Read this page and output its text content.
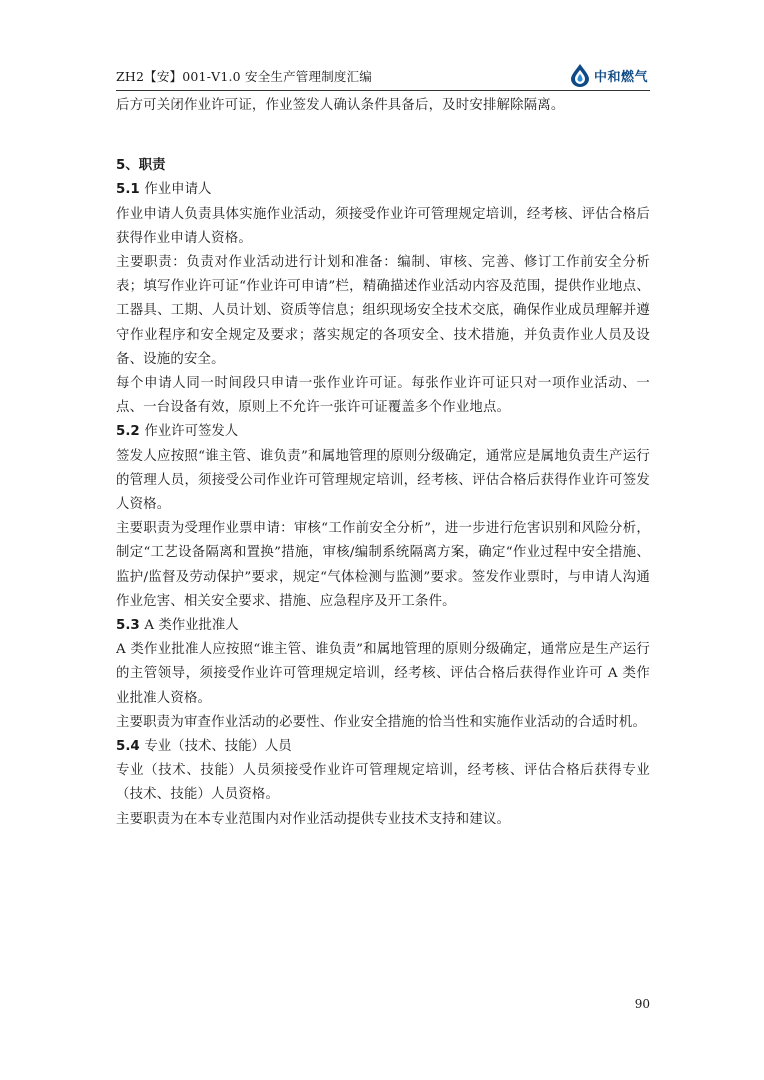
ZH2【安】001-V1.0 安全生产管理制度汇编	中和燃气

后方可关闭作业许可证，作业签发人确认条件具备后，及时安排解除隔离。

5、职责

5.1 作业申请人

作业申请人负责具体实施作业活动，须接受作业许可管理规定培训，经考核、评估合格后获得作业申请人资格。

主要职责：负责对作业活动进行计划和准备：编制、审核、完善、修订工作前安全分析表；填写作业许可证“作业许可申请”栏，精确描述作业活动内容及范围，提供作业地点、工器具、工期、人员计划、资质等信息；组织现场安全技术交底，确保作业成员理解并遵守作业程序和安全规定及要求；落实规定的各项安全、技术措施，并负责作业人员及设备、设施的安全。

每个申请人同一时间段只申请一张作业许可证。每张作业许可证只对一项作业活动、一点、一台设备有效，原则上不允许一张许可证覆盖多个作业地点。

5.2 作业许可签发人

签发人应按照“谁主管、谁负责”和属地管理的原则分级确定，通常应是属地负责生产运行的管理人员，须接受公司作业许可管理规定培训，经考核、评估合格后获得作业许可签发人资格。

主要职责为受理作业票申请：审核“工作前安全分析”，进一步进行危害识别和风险分析，制定“工艺设备隔离和置换”措施，审核/编制系统隔离方案，确定“作业过程中安全措施、监护/监督及劳动保护”要求，规定“气体检测与监测”要求。签发作业票时，与申请人沟通作业危害、相关安全要求、措施、应急程序及开工条件。

5.3 A 类作业批准人

A 类作业批准人应按照“谁主管、谁负责”和属地管理的原则分级确定，通常应是生产运行的主管领导，须接受作业许可管理规定培训，经考核、评估合格后获得作业许可 A 类作业批准人资格。

主要职责为审查作业活动的必要性、作业安全措施的恰当性和实施作业活动的合适时机。

5.4 专业（技术、技能）人员

专业（技术、技能）人员须接受作业许可管理规定培训，经考核、评估合格后获得专业（技术、技能）人员资格。

主要职责为在本专业范围内对作业活动提供专业技术支持和建议。

90
